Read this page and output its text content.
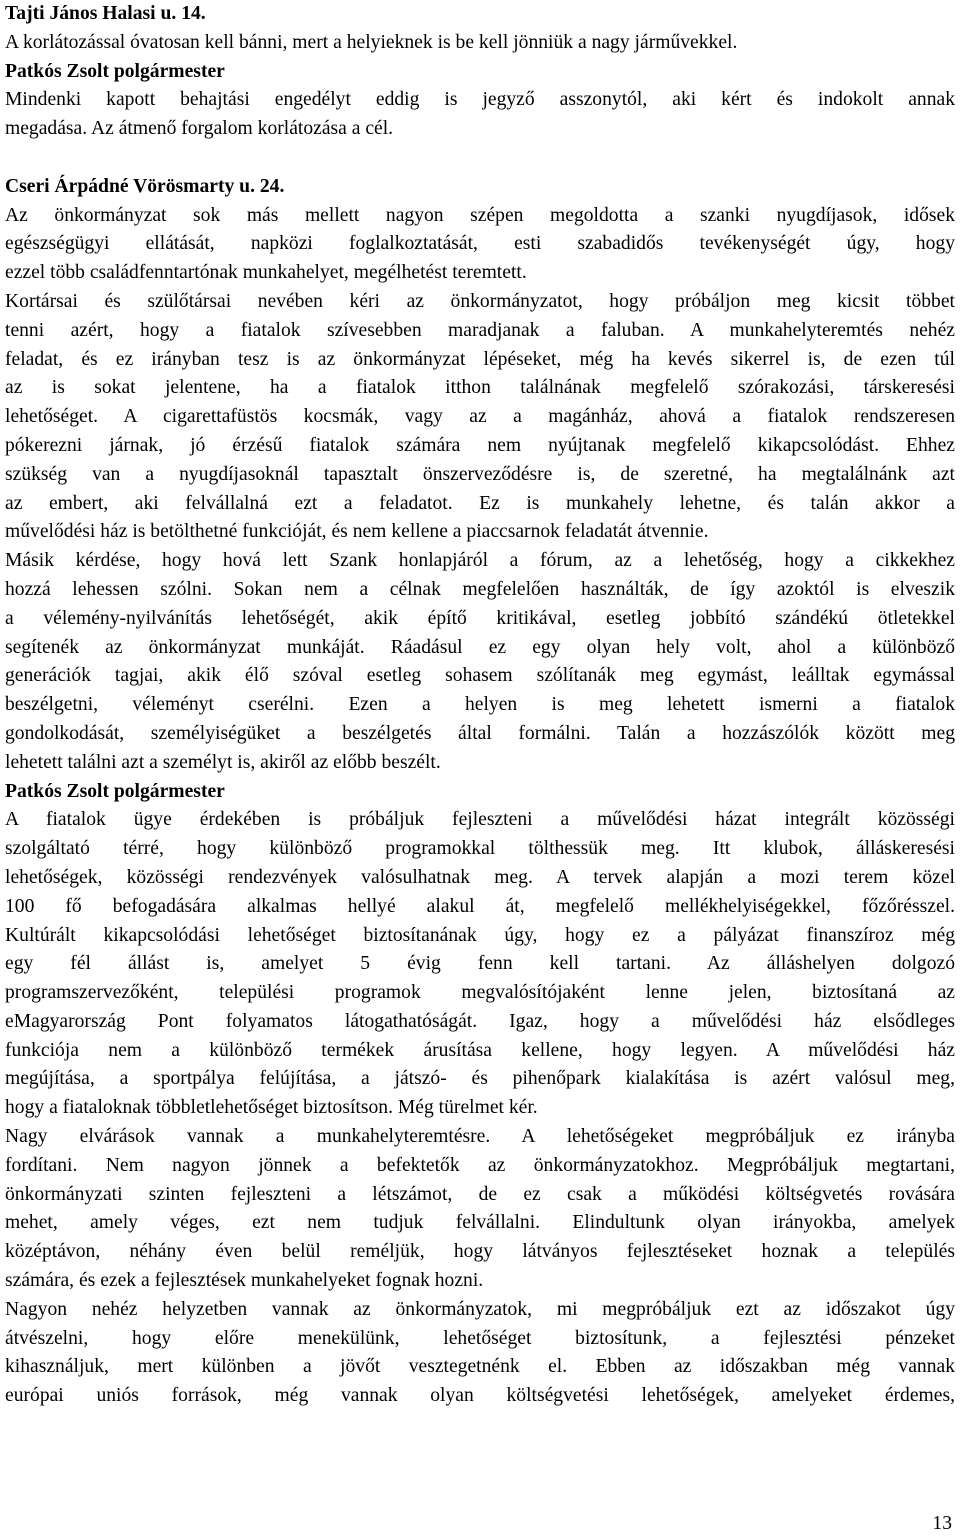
Tajti János Halasi u. 14.
A korlátozással óvatosan kell bánni, mert a helyieknek is be kell jönniük a nagy járművekkel.
Patkós Zsolt polgármester
Mindenki kapott behajtási engedélyt eddig is jegyző asszonytól, aki kért és indokolt annak
megadása. Az átmenő forgalom korlátozása a cél.
Cseri Árpádné Vörösmarty u. 24.
Az önkormányzat sok más mellett nagyon szépen megoldotta a szanki nyugdíjasok, idősek
egészségügyi ellátását, napközi foglalkoztatását, esti szabadidős tevékenységét úgy, hogy
ezzel több családfenntartónak munkahelyet, megélhetést teremtett.
Kortársai és szülőtársai nevében kéri az önkormányzatot, hogy próbáljon meg kicsit többet
tenni azért, hogy a fiatalok szívesebben maradjanak a faluban. A munkahelyteremtés nehéz
feladat, és ez irányban tesz is az önkormányzat lépéseket, még ha kevés sikerrel is, de ezen túl
az is sokat jelentene, ha a fiatalok itthon találnának megfelelő szórakozási, társkeresési
lehetőséget. A cigarettafüstös kocsmák, vagy az a magánház, ahová a fiatalok rendszeresen
pókerezni járnak, jó érzésű fiatalok számára nem nyújtanak megfelelő kikapcsolódást. Ehhez
szükség van a nyugdíjasoknál tapasztalt önszerveződésre is, de szeretné, ha megtalálnánk azt
az embert, aki felvállalná ezt a feladatot. Ez is munkahely lehetne, és talán akkor a
művelődési ház is betölthetné funkcióját, és nem kellene a piaccsarnok feladatát átvennie.
Másik kérdése, hogy hová lett Szank honlapjáról a fórum, az a lehetőség, hogy a cikkekhez
hozzá lehessen szólni. Sokan nem a célnak megfelelően használták, de így azoktól is elveszik
a vélemény-nyilvánítás lehetőségét, akik építő kritikával, esetleg jobbító szándékú ötletekkel
segítenék az önkormányzat munkáját. Ráadásul ez egy olyan hely volt, ahol a különböző
generációk tagjai, akik élő szóval esetleg sohasem szólítanák meg egymást, leálltak egymással
beszélgetni, véleményt cserélni. Ezen a helyen is meg lehetett ismerni a fiatalok
gondolkodását, személyiségüket a beszélgetés által formálni. Talán a hozzászólók között meg
lehetett találni azt a személyt is, akiről az előbb beszélt.
Patkós Zsolt polgármester
A fiatalok ügye érdekében is próbáljuk fejleszteni a művelődési házat integrált közösségi
szolgáltató térré, hogy különböző programokkal tölthessük meg. Itt klubok, álláskeresési
lehetőségek, közösségi rendezvények valósulhatnak meg. A tervek alapján a mozi terem közel
100 fő befogadására alkalmas hellyé alakul át, megfelelő mellékhelyiségekkel, főzőrésszel.
Kultúrált kikapcsolódási lehetőséget biztosítanának úgy, hogy ez a pályázat finanszíroz még
egy fél állást is, amelyet 5 évig fenn kell tartani. Az álláshelyen dolgozó
programszervezőként, települési programok megvalósítójaként lenne jelen, biztosítaná az
eMagyarország Pont folyamatos látogathatóságát. Igaz, hogy a művelődési ház elsődleges
funkciója nem a különböző termékek árusítása kellene, hogy legyen. A művelődési ház
megújítása, a sportpálya felújítása, a játszó- és pihenőpark kialakítása is azért valósul meg,
hogy a fiataloknak többletlehetőséget biztosítson. Még türelmet kér.
Nagy elvárások vannak a munkahelyteremtésre. A lehetőségeket megpróbáljuk ez irányba
fordítani. Nem nagyon jönnek a befektetők az önkormányzatokhoz. Megpróbáljuk megtartani,
önkormányzati szinten fejleszteni a létszámot, de ez csak a működési költségvetés rovására
mehet, amely véges, ezt nem tudjuk felvállalni. Elindultunk olyan irányokba, amelyek
középtávon, néhány éven belül reméljük, hogy látványos fejlesztéseket hoznak a település
számára, és ezek a fejlesztések munkahelyeket fognak hozni.
Nagyon nehéz helyzetben vannak az önkormányzatok, mi megpróbáljuk ezt az időszakot úgy
átvészelni, hogy előre menekülünk, lehetőséget biztosítunk, a fejlesztési pénzeket
kihasználjuk, mert különben a jövőt vesztegetnénk el. Ebben az időszakban még vannak
európai uniós források, még vannak olyan költségvetési lehetőségek, amelyeket érdemes,
13
